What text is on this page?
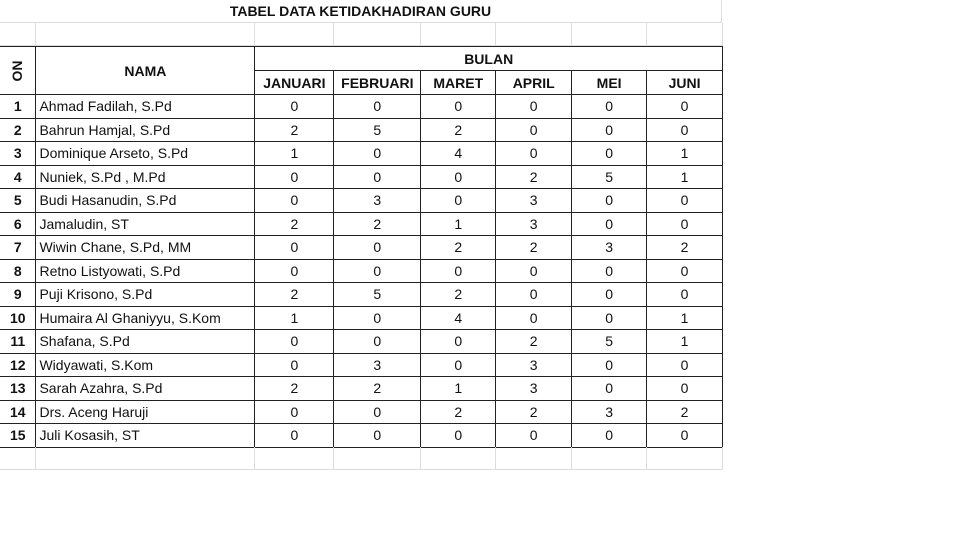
TABEL DATA KETIDAKHADIRAN GURU
NO	NAMA	BULAN					
		JANUARI	FEBRUARI	MARET	APRIL	MEI	JUNI
1	Ahmad Fadilah, S.Pd	0	0	0	0	0	0
2	Bahrun Hamjal, S.Pd	2	5	2	0	0	0
3	Dominique Arseto, S.Pd	1	0	4	0	0	1
4	Nuniek, S.Pd , M.Pd	0	0	0	2	5	1
5	Budi Hasanudin, S.Pd	0	3	0	3	0	0
6	Jamaludin, ST	2	2	1	3	0	0
7	Wiwin Chane, S.Pd, MM	0	0	2	2	3	2
8	Retno Listyowati, S.Pd	0	0	0	0	0	0
9	Puji Krisono, S.Pd	2	5	2	0	0	0
10	Humaira Al Ghaniyyu, S.Kom	1	0	4	0	0	1
11	Shafana, S.Pd	0	0	0	2	5	1
12	Widyawati, S.Kom	0	3	0	3	0	0
13	Sarah Azahra, S.Pd	2	2	1	3	0	0
14	Drs. Aceng Haruji	0	0	2	2	3	2
15	Juli Kosasih, ST	0	0	0	0	0	0
